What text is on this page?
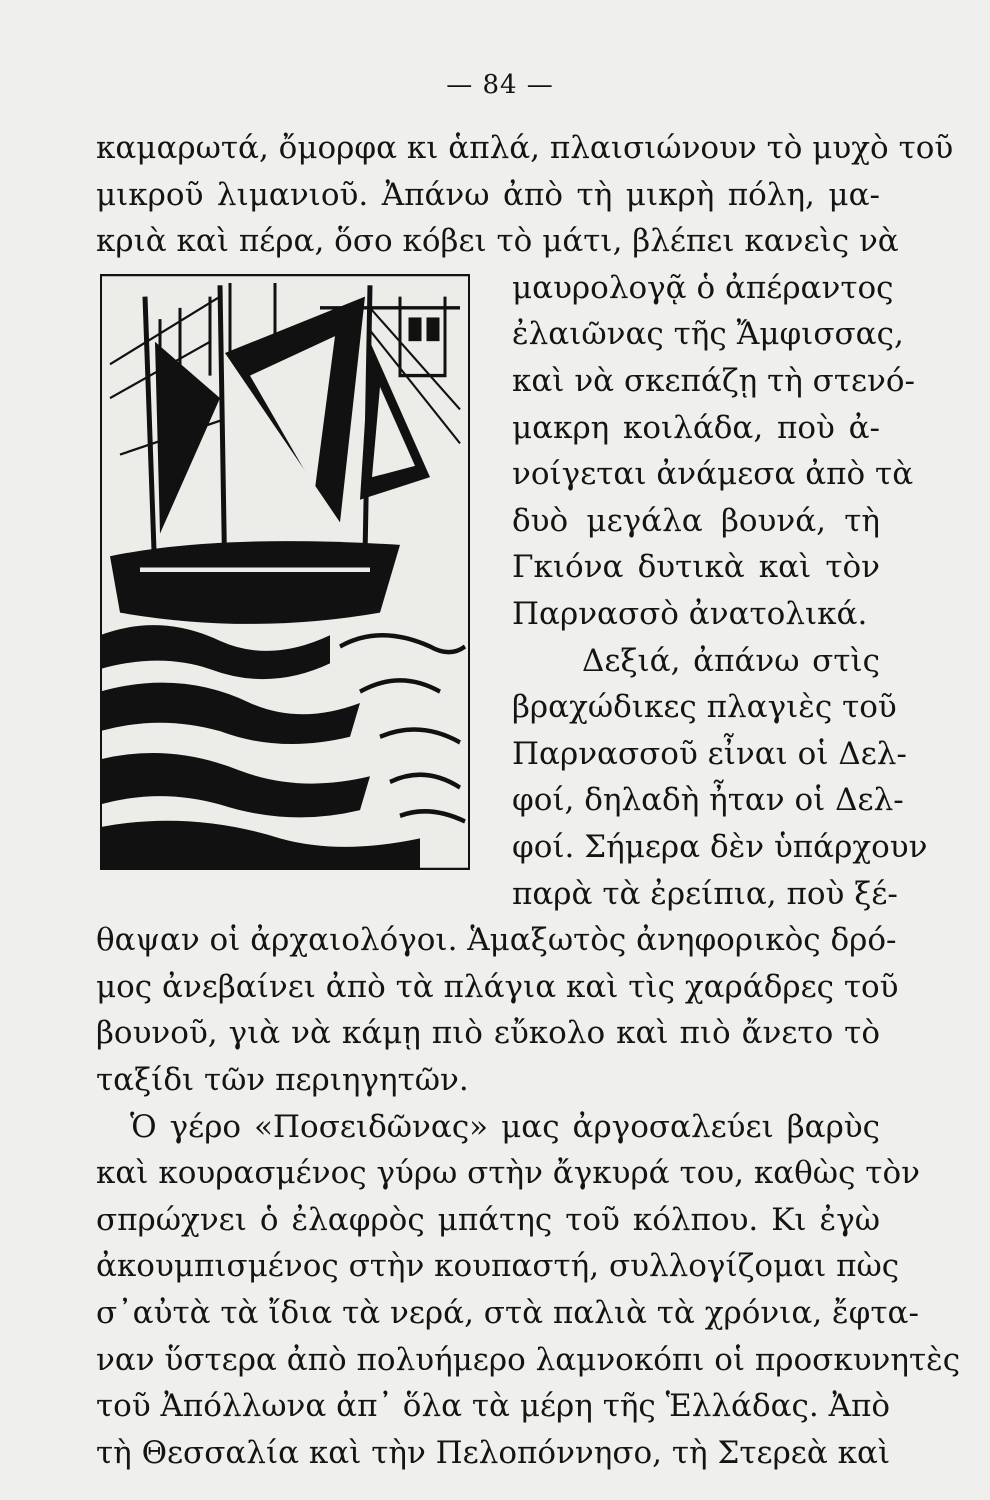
— 84 —
καμαρωτά, ὄμορφα κι ἁπλά, πλαισιώνουν τὸ μυχὸ τοῦ
μικροῦ λιμανιοῦ. Ἀπάνω ἀπὸ τὴ μικρὴ πόλη, μα-
κριὰ καὶ πέρα, ὅσο κόβει τὸ μάτι, βλέπει κανεὶς νὰ
μαυρολογᾷ ὁ ἀπέραντος
ἐλαιῶνας τῆς Ἄμφισσας,
καὶ νὰ σκεπάζῃ τὴ στενό-
μακρη κοιλάδα, ποὺ ἀ-
νοίγεται ἀνάμεσα ἀπὸ τὰ
δυὸ μεγάλα βουνά, τὴ
Γκιόνα δυτικὰ καὶ τὸν
Παρνασσὸ ἀνατολικά.
Δεξιά, ἀπάνω στὶς
βραχώδικες πλαγιὲς τοῦ
Παρνασσοῦ εἶναι οἱ Δελ-
φοί, δηλαδὴ ἦταν οἱ Δελ-
φοί. Σήμερα δὲν ὑπάρχουν
παρὰ τὰ ἐρείπια, ποὺ ξέ-
θαψαν οἱ ἀρχαιολόγοι. Ἁμαξωτὸς ἀνηφορικὸς δρό-
μος ἀνεβαίνει ἀπὸ τὰ πλάγια καὶ τὶς χαράδρες τοῦ
βουνοῦ, γιὰ νὰ κάμῃ πιὸ εὔκολο καὶ πιὸ ἄνετο τὸ
ταξίδι τῶν περιηγητῶν.
Ὁ γέρο «Ποσειδῶνας» μας ἀργοσαλεύει βαρὺς
καὶ κουρασμένος γύρω στὴν ἄγκυρά του, καθὼς τὸν
σπρώχνει ὁ ἐλαφρὸς μπάτης τοῦ κόλπου. Κι ἐγὼ
ἀκουμπισμένος στὴν κουπαστή, συλλογίζομαι πὼς
σ᾽αὐτὰ τὰ ἴδια τὰ νερά, στὰ παλιὰ τὰ χρόνια, ἔφτα-
ναν ὕστερα ἀπὸ πολυήμερο λαμνοκόπι οἱ προσκυνητὲς
τοῦ Ἀπόλλωνα ἀπ᾽ ὅλα τὰ μέρη τῆς Ἑλλάδας. Ἀπὸ
τὴ Θεσσαλία καὶ τὴν Πελοπόννησο, τὴ Στερεὰ καὶ
